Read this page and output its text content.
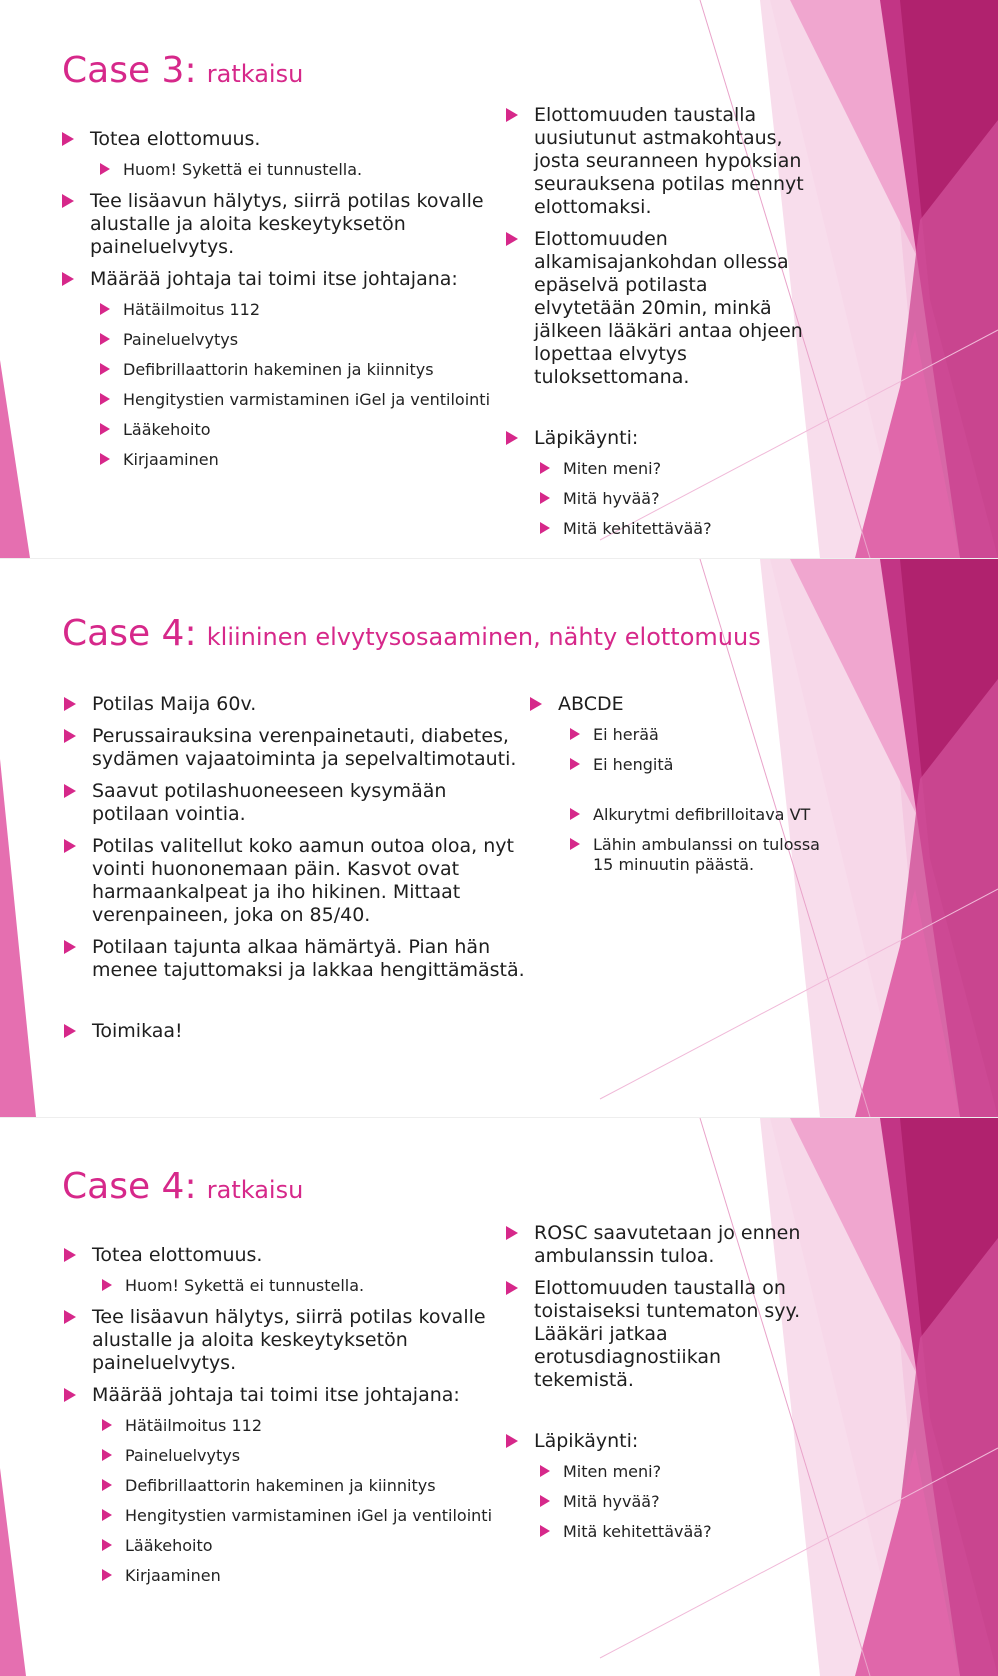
Case 3: ratkaisu
Totea elottomuus.
Huom! Sykettä ei tunnustella.
Tee lisäavun hälytys, siirrä potilas kovalle alustalle ja aloita keskeytyksetön paineluelvytys.
Määrää johtaja tai toimi itse johtajana:
Hätäilmoitus 112
Paineluelvytys
Defibrillaattorin hakeminen ja kiinnitys
Hengitystien varmistaminen iGel ja ventilointi
Lääkehoito
Kirjaaminen
Elottomuuden taustalla uusiutunut astmakohtaus, josta seuranneen hypoksian seurauksena potilas mennyt elottomaksi.
Elottomuuden alkamisajankohdan ollessa epäselvä potilasta elvytetään 20min, minkä jälkeen lääkäri antaa ohjeen lopettaa elvytys tuloksettomana.
Läpikäynti:
Miten meni?
Mitä hyvää?
Mitä kehitettävää?
Case 4: kliininen elvytysosaaminen, nähty elottomuus
Potilas Maija 60v.
Perussairauksina verenpainetauti, diabetes, sydämen vajaatoiminta ja sepelvaltimotauti.
Saavut potilashuoneeseen kysymään potilaan vointia.
Potilas valitellut koko aamun outoa oloa, nyt vointi huononemaan päin. Kasvot ovat harmaankalpeat ja iho hikinen. Mittaat verenpaineen, joka on 85/40.
Potilaan tajunta alkaa hämärtyä. Pian hän menee tajuttomaksi ja lakkaa hengittämästä.
Toimikaa!
ABCDE
Ei herää
Ei hengitä
Alkurytmi defibrilloitava VT
Lähin ambulanssi on tulossa 15 minuutin päästä.
Case 4: ratkaisu
Totea elottomuus.
Huom! Sykettä ei tunnustella.
Tee lisäavun hälytys, siirrä potilas kovalle alustalle ja aloita keskeytyksetön paineluelvytys.
Määrää johtaja tai toimi itse johtajana:
Hätäilmoitus 112
Paineluelvytys
Defibrillaattorin hakeminen ja kiinnitys
Hengitystien varmistaminen iGel ja ventilointi
Lääkehoito
Kirjaaminen
ROSC saavutetaan jo ennen ambulanssin tuloa.
Elottomuuden taustalla on toistaiseksi tuntematon syy. Lääkäri jatkaa erotusdiagnostiikan tekemistä.
Läpikäynti:
Miten meni?
Mitä hyvää?
Mitä kehitettävää?
